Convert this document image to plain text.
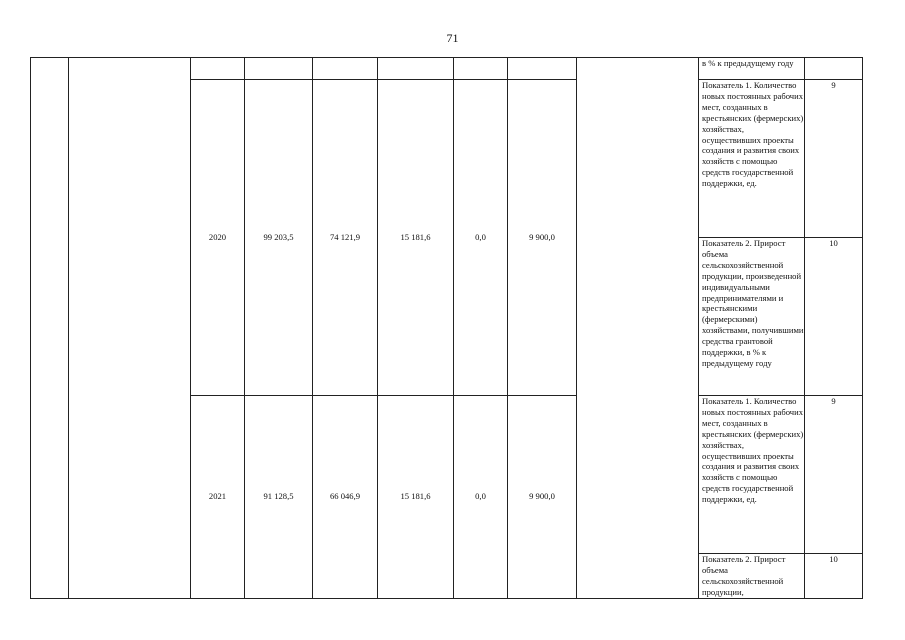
71

									в % к предыдущему году	

		2020	99 203,5	74 121,9	15 181,6	0,0	9 900,0		Показатель 1. Количество новых постоянных рабочих мест, созданных в крестьянских (фермерских) хозяйствах, осуществивших проекты создания и развития своих хозяйств с помощью средств государственной поддержки, ед.	9

									Показатель 2. Прирост объема сельскохозяйственной продукции, произведенной индивидуальными предпринимателями и крестьянскими (фермерскими) хозяйствами, получившими средства грантовой поддержки, в % к предыдущему году	10
		2021	91 128,5	66 046,9	15 181,6	0,0	9 900,0		Показатель 1. Количество новых постоянных рабочих мест, созданных в крестьянских (фермерских) хозяйствах, осуществивших проекты создания и развития своих хозяйств с помощью средств государственной поддержки, ед.	9

									Показатель 2. Прирост объема сельскохозяйственной продукции,	10
